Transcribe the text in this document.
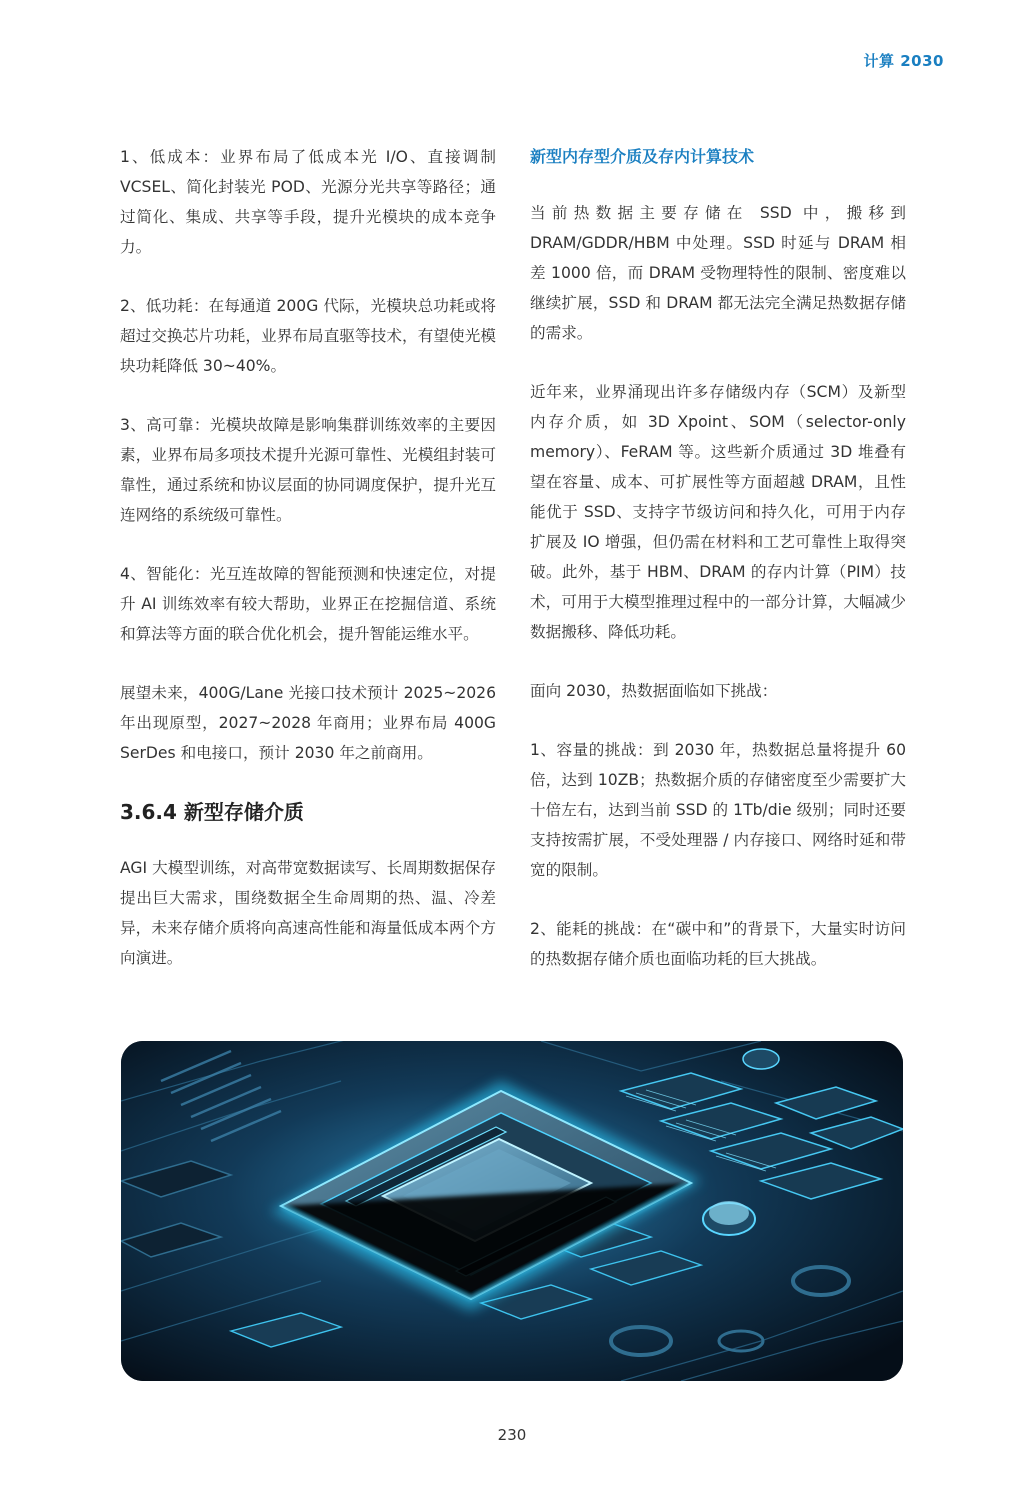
计算 2030

1、低成本：业界布局了低成本光 I/O、直接调制 VCSEL、简化封装光 POD、光源分光共享等路径；通过简化、集成、共享等手段，提升光模块的成本竞争力。

2、低功耗：在每通道 200G 代际，光模块总功耗或将超过交换芯片功耗，业界布局直驱等技术，有望使光模块功耗降低 30~40%。

3、高可靠：光模块故障是影响集群训练效率的主要因素，业界布局多项技术提升光源可靠性、光模组封装可靠性，通过系统和协议层面的协同调度保护，提升光互连网络的系统级可靠性。

4、智能化：光互连故障的智能预测和快速定位，对提升 AI 训练效率有较大帮助，业界正在挖掘信道、系统和算法等方面的联合优化机会，提升智能运维水平。

展望未来，400G/Lane 光接口技术预计 2025~2026 年出现原型，2027~2028 年商用；业界布局 400G SerDes 和电接口，预计 2030 年之前商用。

3.6.4 新型存储介质

AGI 大模型训练，对高带宽数据读写、长周期数据保存提出巨大需求，围绕数据全生命周期的热、温、冷差异，未来存储介质将向高速高性能和海量低成本两个方向演进。

新型内存型介质及存内计算技术

当前热数据主要存储在 SSD 中，搬移到 DRAM/GDDR/HBM 中处理。SSD 时延与 DRAM 相差 1000 倍，而 DRAM 受物理特性的限制、密度难以继续扩展，SSD 和 DRAM 都无法完全满足热数据存储的需求。

近年来，业界涌现出许多存储级内存（SCM）及新型内存介质，如 3D Xpoint、SOM（selector-only memory）、FeRAM 等。这些新介质通过 3D 堆叠有望在容量、成本、可扩展性等方面超越 DRAM，且性能优于 SSD、支持字节级访问和持久化，可用于内存扩展及 IO 增强，但仍需在材料和工艺可靠性上取得突破。此外，基于 HBM、DRAM 的存内计算（PIM）技术，可用于大模型推理过程中的一部分计算，大幅减少数据搬移、降低功耗。

面向 2030，热数据面临如下挑战：

1、容量的挑战：到 2030 年，热数据总量将提升 60 倍，达到 10ZB；热数据介质的存储密度至少需要扩大十倍左右，达到当前 SSD 的 1Tb/die 级别；同时还要支持按需扩展，不受处理器 / 内存接口、网络时延和带宽的限制。

2、能耗的挑战：在“碳中和”的背景下，大量实时访问的热数据存储介质也面临功耗的巨大挑战。

230
